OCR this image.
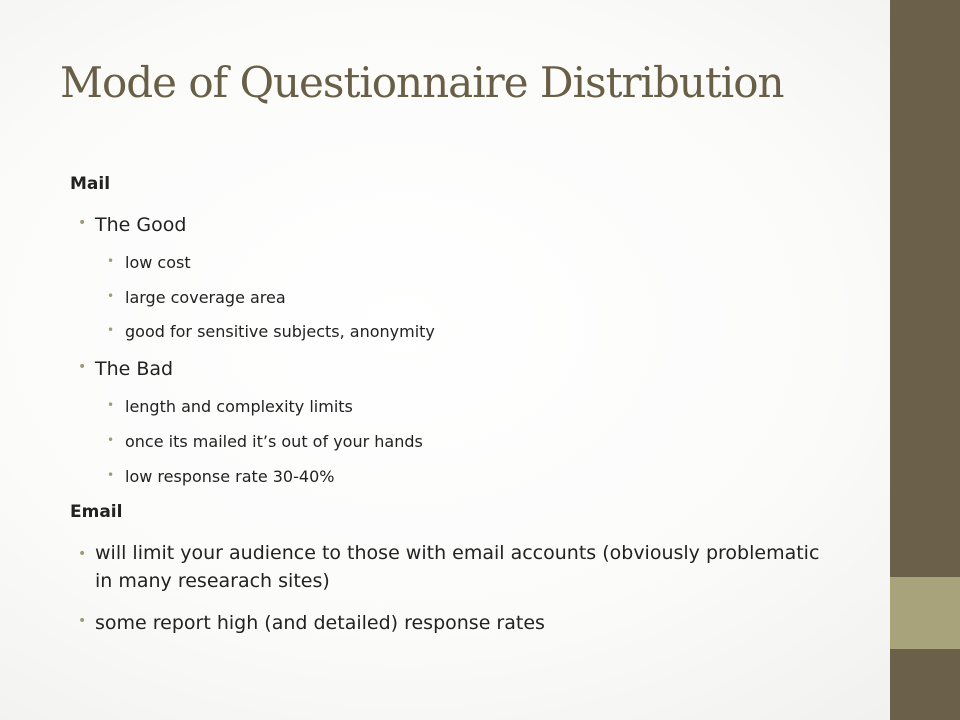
Mode of Questionnaire Distribution
Mail
• The Good
• low cost
• large coverage area
• good for sensitive subjects, anonymity
• The Bad
• length and complexity limits
• once its mailed it’s out of your hands
• low response rate 30-40%
Email
• will limit your audience to those with email accounts (obviously problematic in many researach sites)
• some report high (and detailed) response rates
